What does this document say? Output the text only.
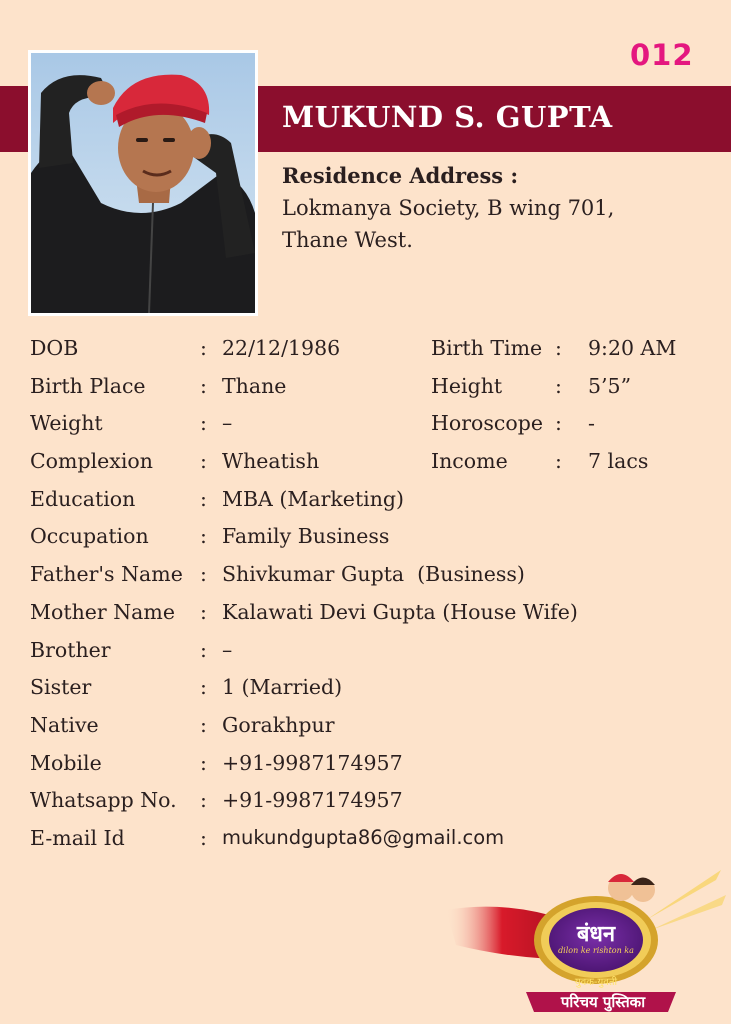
012
MUKUND S. GUPTA
Residence Address :
Lokmanya Society, B wing 701,
Thane West.
DOB	: 22/12/1986	Birth Time : 9:20 AM
Birth Place	: Thane	Height	: 5’5”
Weight	: –	Horoscope : -
Complexion : Wheatish	Income : 7 lacs
Education	: MBA (Marketing)
Occupation	: Family Business
Father's Name : Shivkumar Gupta  (Business)
Mother Name : Kalawati Devi Gupta (House Wife)
Brother	: –
Sister	: 1 (Married)
Native	: Gorakhpur
Mobile	: +91-9987174957
Whatsapp No. : +91-9987174957
E-mail Id	: mukundgupta86@gmail.com
बंधन
dilon ke rishton ka
युवक-युवती
परिचय पुस्तिका
